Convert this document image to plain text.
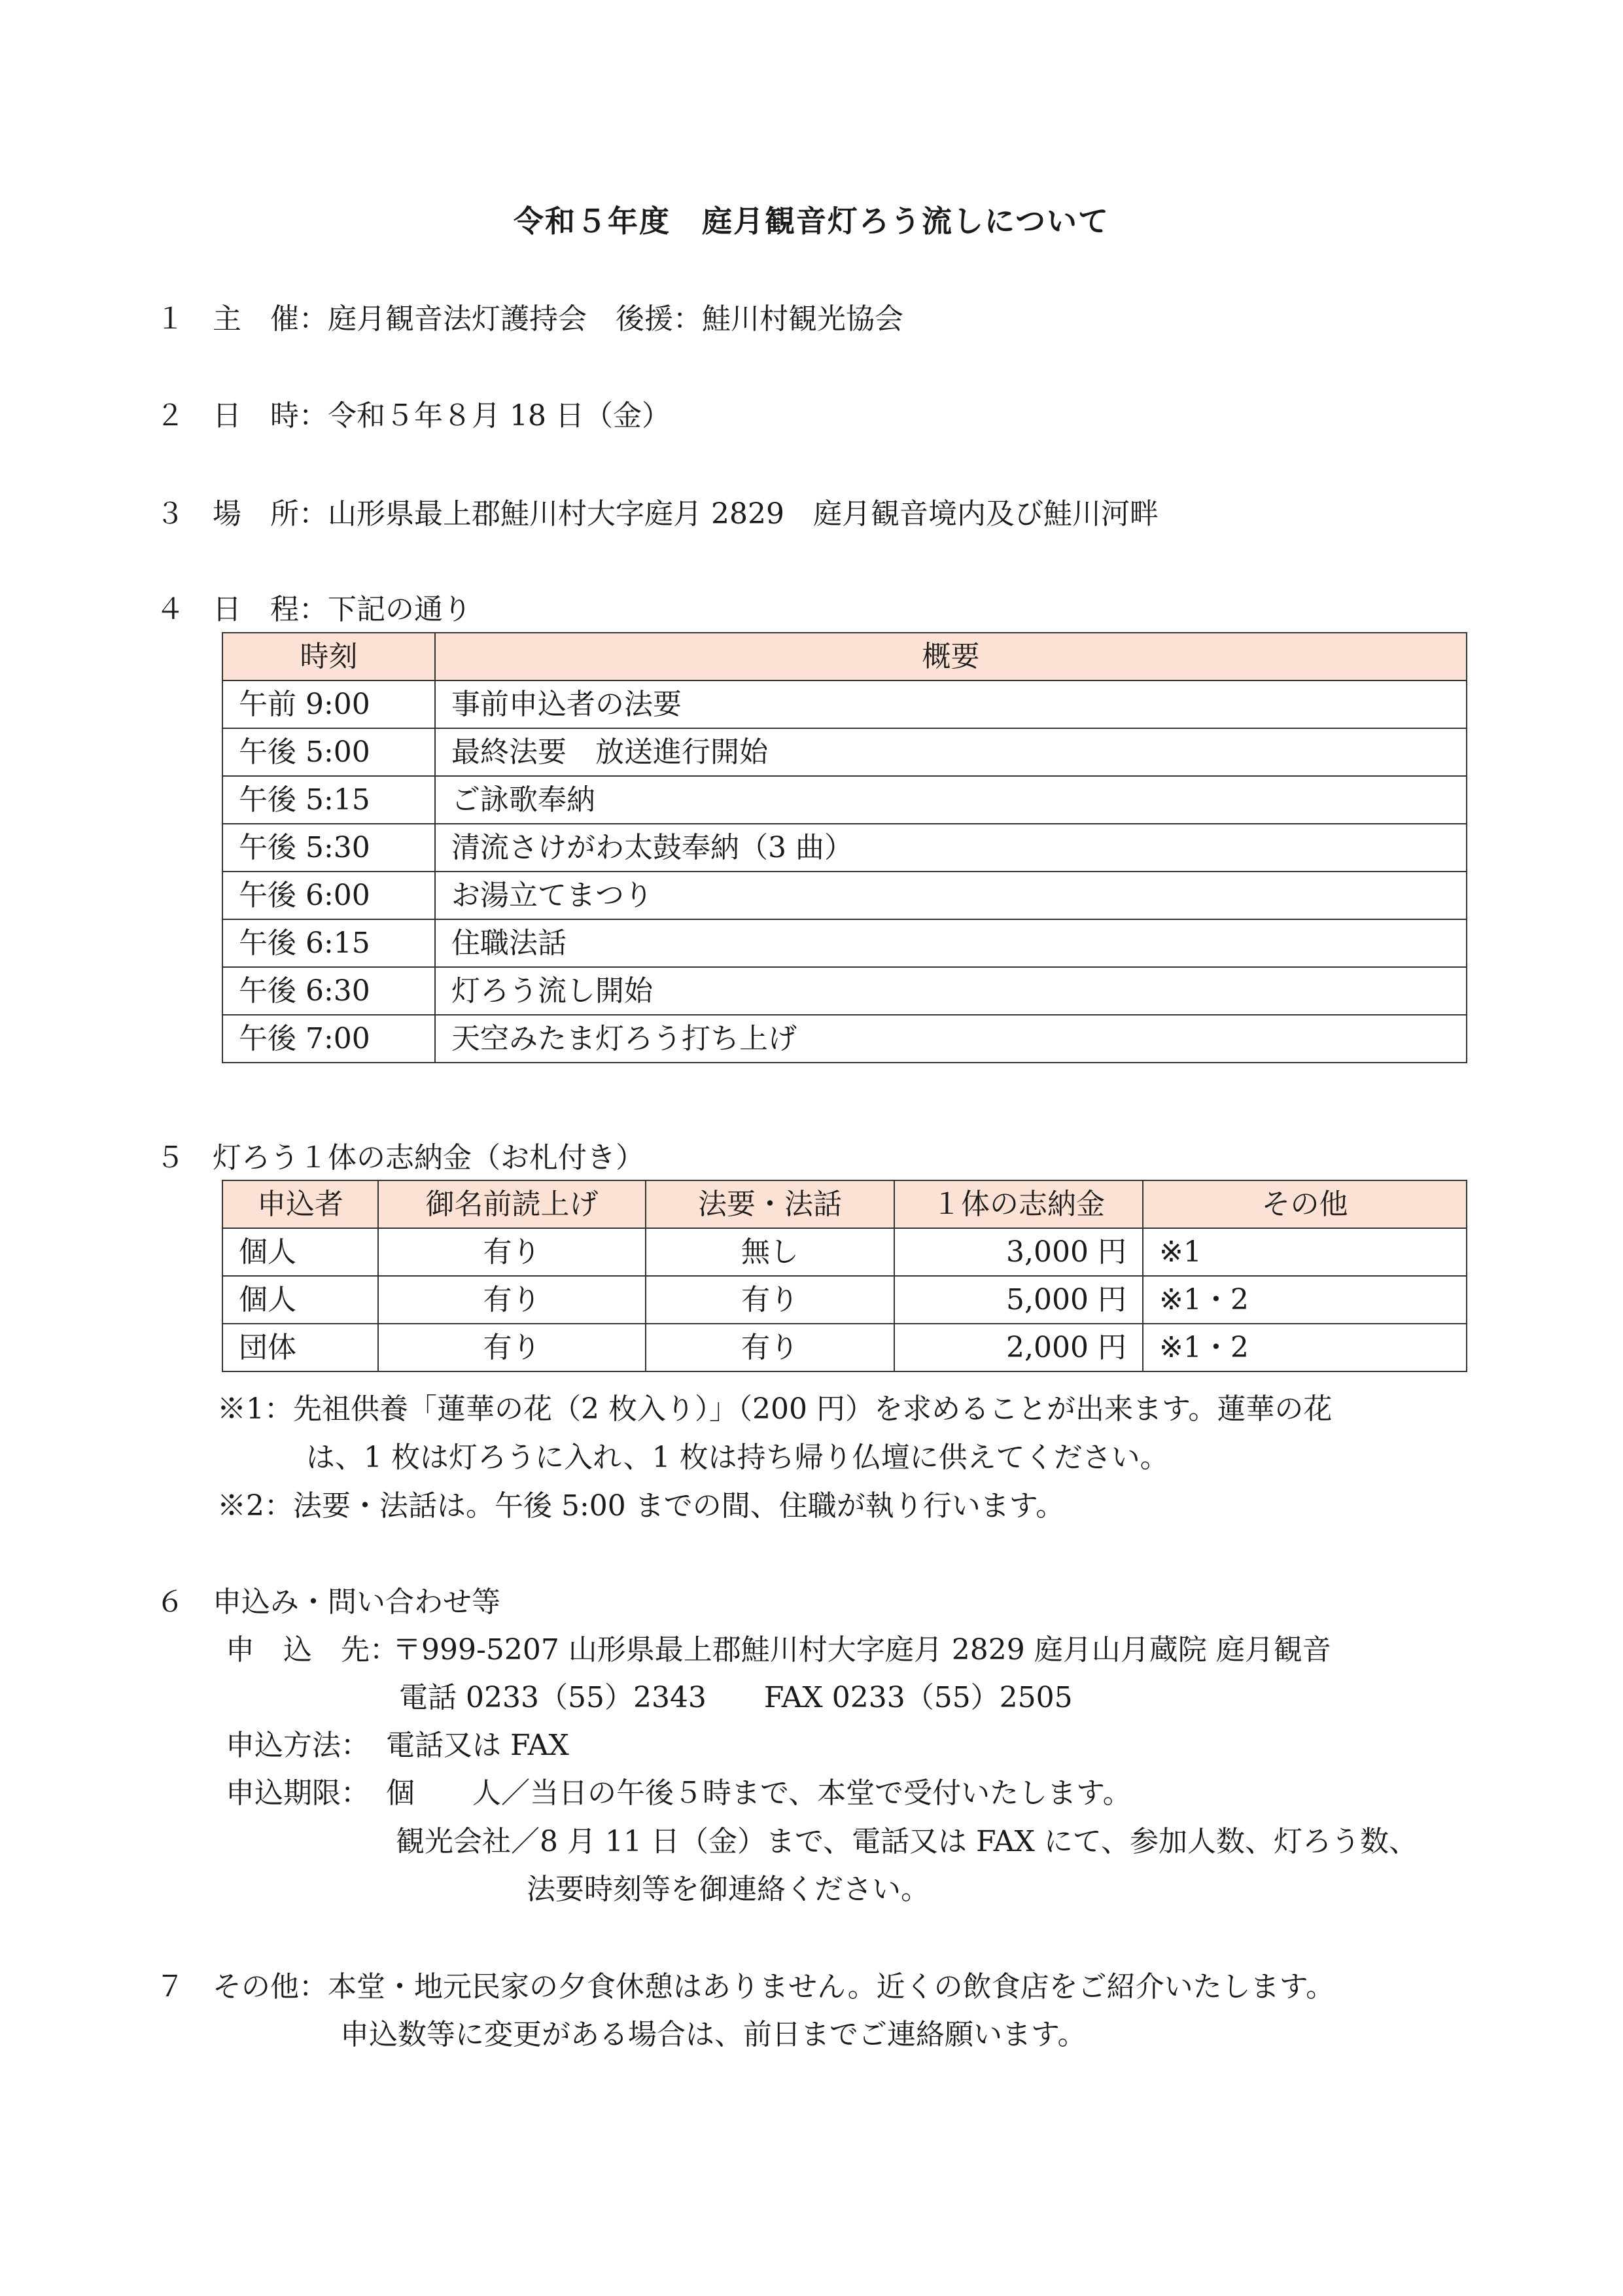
令和５年度　庭月観音灯ろう流しについて
１ 主　催：庭月観音法灯護持会　後援：鮭川村観光協会
２ 日　時：令和５年８月 18 日（金）
３ 場　所：山形県最上郡鮭川村大字庭月 2829　庭月観音境内及び鮭川河畔
４ 日　程：下記の通り
時刻	概要
午前 9:00	事前申込者の法要
午後 5:00	最終法要　放送進行開始
午後 5:15	ご詠歌奉納
午後 5:30	清流さけがわ太鼓奉納（3 曲）
午後 6:00	お湯立てまつり
午後 6:15	住職法話
午後 6:30	灯ろう流し開始
午後 7:00	天空みたま灯ろう打ち上げ
５ 灯ろう１体の志納金（お札付き）
申込者	御名前読上げ	法要・法話	１体の志納金	その他
個人	有り	無し	3,000 円	※1
個人	有り	有り	5,000 円	※1・2
団体	有り	有り	2,000 円	※1・2
※1：先祖供養「蓮華の花（2 枚入り）」（200 円）を求めることが出来ます。蓮華の花
は、1 枚は灯ろうに入れ、1 枚は持ち帰り仏壇に供えてください。
※2：法要・法話は。午後 5:00 までの間、住職が執り行います。
６ 申込み・問い合わせ等
申　込　先：
〒999‐5207 山形県最上郡鮭川村大字庭月 2829 庭月山月蔵院 庭月観音
電話 0233（55）2343　　FAX 0233（55）2505
申込方法： 電話又は FAX
申込期限： 個　　人／当日の午後５時まで、本堂で受付いたします。
観光会社／8 月 11 日（金）まで、電話又は FAX にて、参加人数、灯ろう数、
法要時刻等を御連絡ください。
７ その他：本堂・地元民家の夕食休憩はありません。近くの飲食店をご紹介いたします。
申込数等に変更がある場合は、前日までご連絡願います。
